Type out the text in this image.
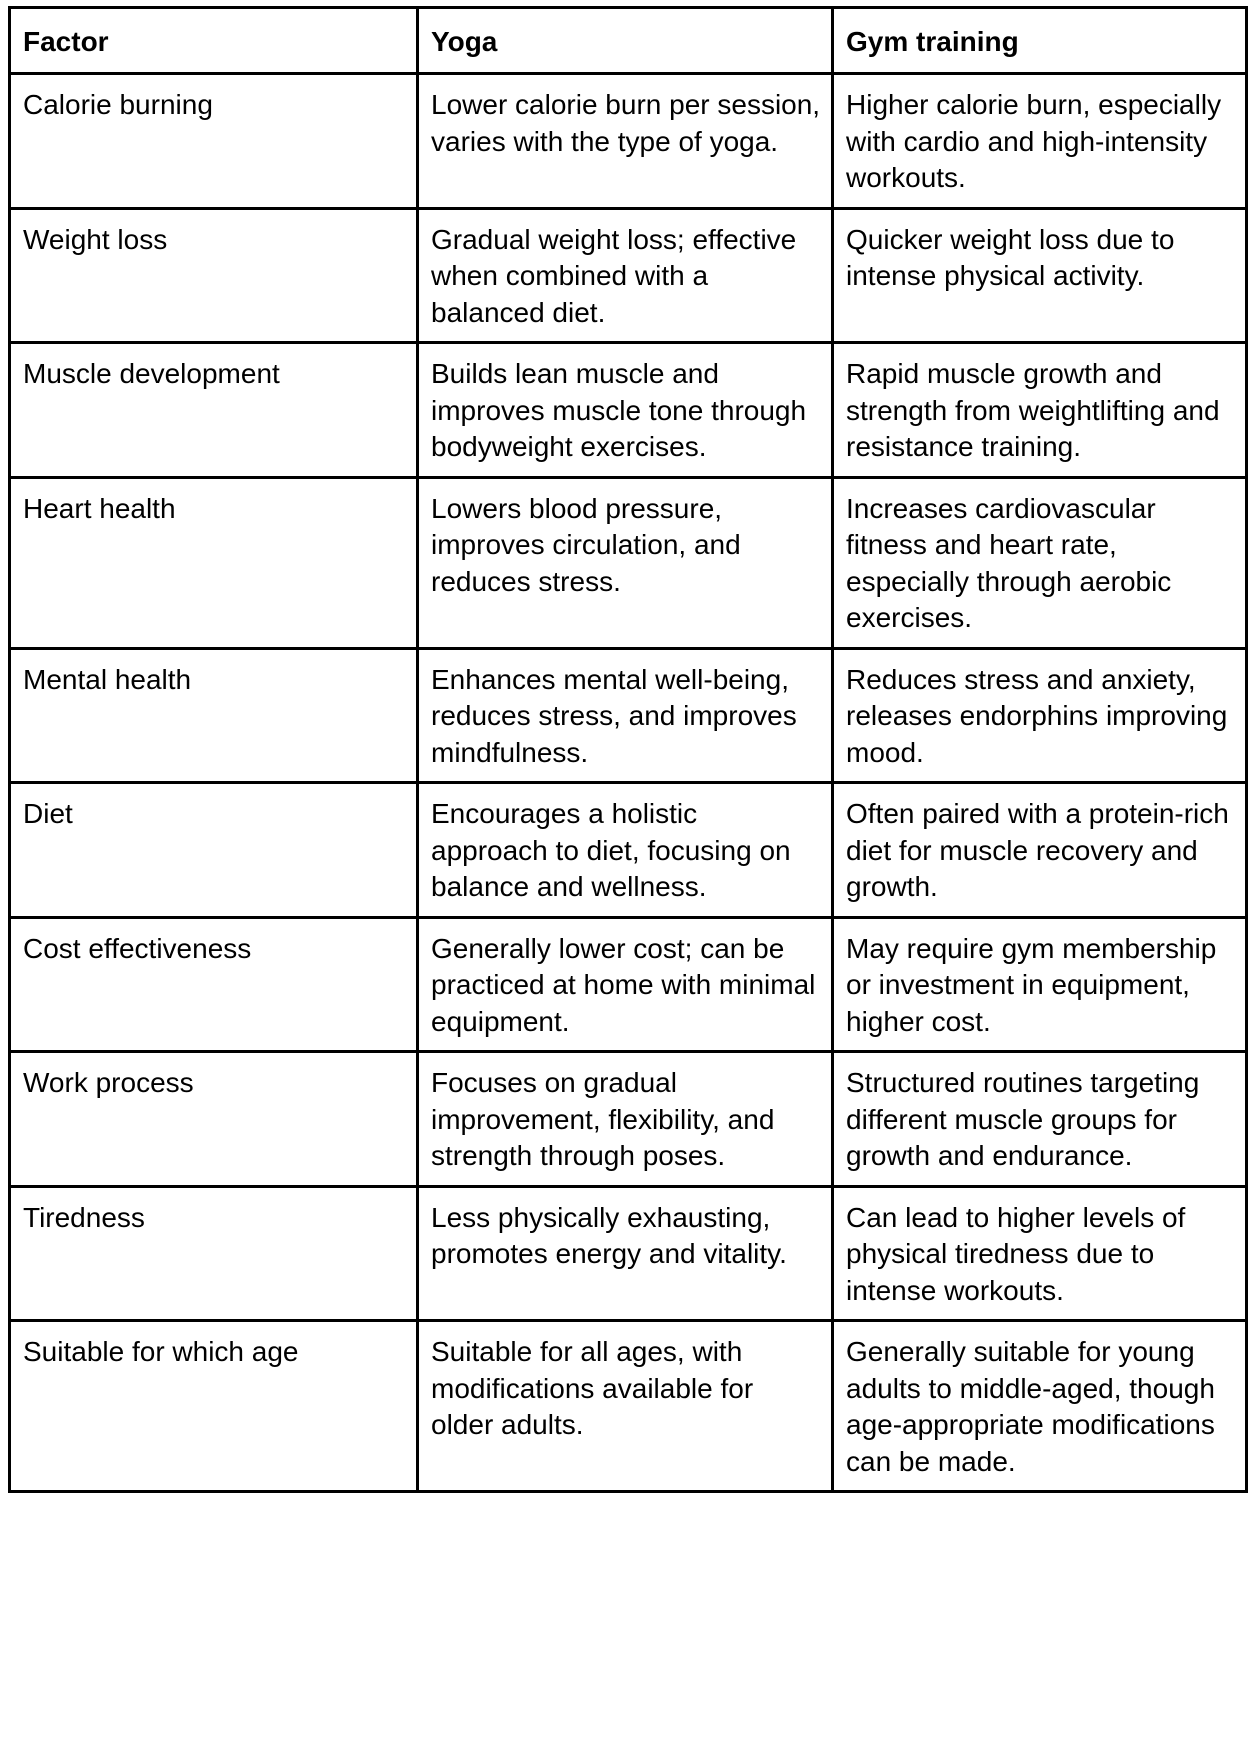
Factor	Yoga	Gym training
Calorie burning	Lower calorie burn per session, varies with the type of yoga.	Higher calorie burn, especially with cardio and high-intensity workouts.
Weight loss	Gradual weight loss; effective when combined with a balanced diet.	Quicker weight loss due to intense physical activity.
Muscle development	Builds lean muscle and improves muscle tone through bodyweight exercises.	Rapid muscle growth and strength from weightlifting and resistance training.
Heart health	Lowers blood pressure, improves circulation, and reduces stress.	Increases cardiovascular fitness and heart rate, especially through aerobic exercises.
Mental health	Enhances mental well-being, reduces stress, and improves mindfulness.	Reduces stress and anxiety, releases endorphins improving mood.
Diet	Encourages a holistic approach to diet, focusing on balance and wellness.	Often paired with a protein-rich diet for muscle recovery and growth.
Cost effectiveness	Generally lower cost; can be practiced at home with minimal equipment.	May require gym membership or investment in equipment, higher cost.
Work process	Focuses on gradual improvement, flexibility, and strength through poses.	Structured routines targeting different muscle groups for growth and endurance.
Tiredness	Less physically exhausting, promotes energy and vitality.	Can lead to higher levels of physical tiredness due to intense workouts.
Suitable for which age	Suitable for all ages, with modifications available for older adults.	Generally suitable for young adults to middle-aged, though age-appropriate modifications can be made.
